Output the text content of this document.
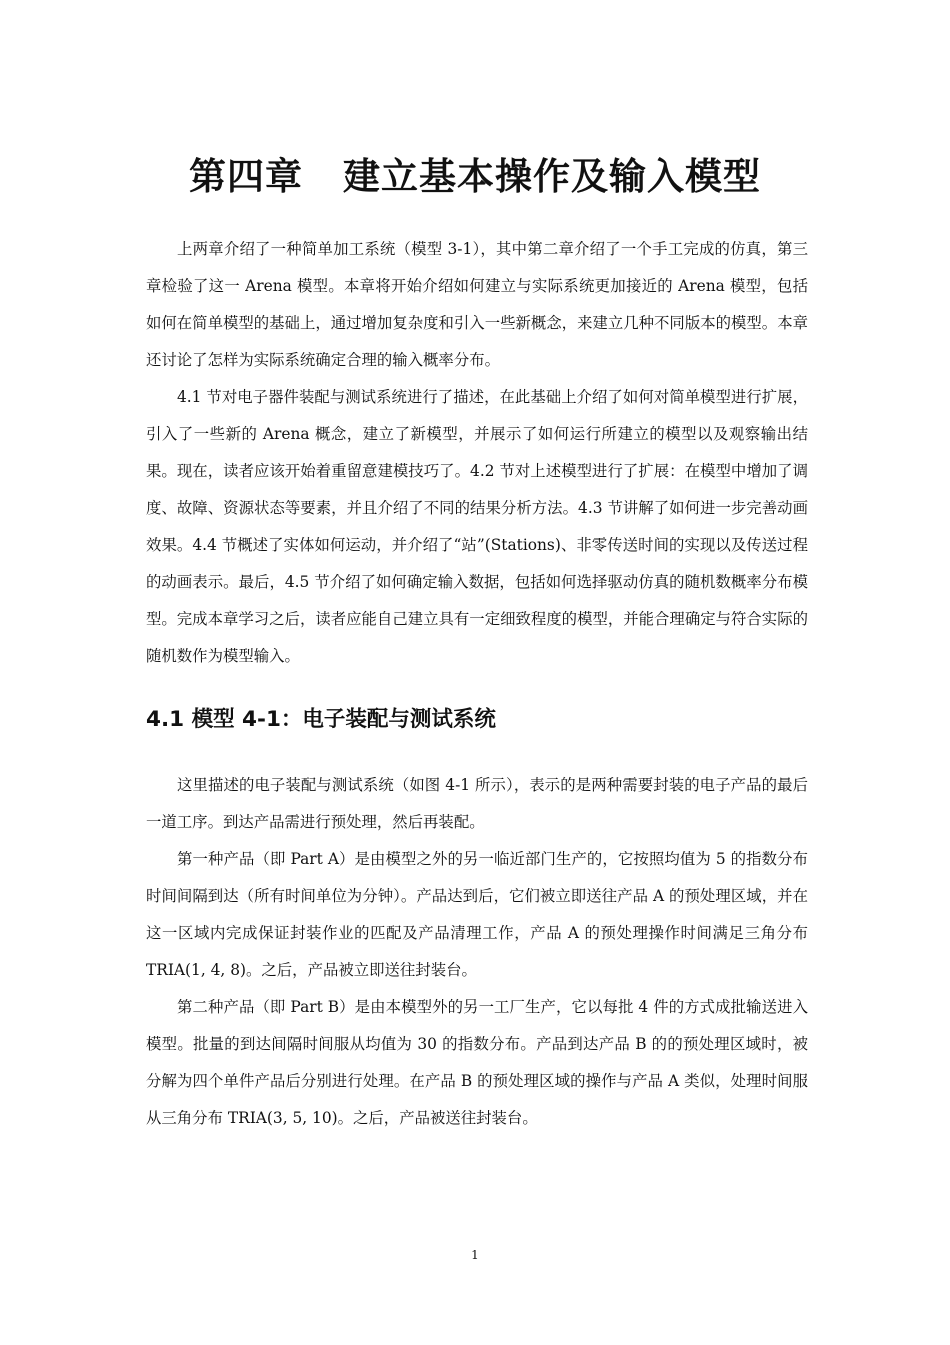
第四章 建立基本操作及输入模型

上两章介绍了一种简单加工系统（模型 3-1），其中第二章介绍了一个手工完成的仿真，第三章检验了这一 Arena 模型。本章将开始介绍如何建立与实际系统更加接近的 Arena 模型，包括如何在简单模型的基础上，通过增加复杂度和引入一些新概念，来建立几种不同版本的模型。本章还讨论了怎样为实际系统确定合理的输入概率分布。

4.1 节对电子器件装配与测试系统进行了描述，在此基础上介绍了如何对简单模型进行扩展，引入了一些新的 Arena 概念，建立了新模型，并展示了如何运行所建立的模型以及观察输出结果。现在，读者应该开始着重留意建模技巧了。4.2 节对上述模型进行了扩展：在模型中增加了调度、故障、资源状态等要素，并且介绍了不同的结果分析方法。4.3 节讲解了如何进一步完善动画效果。4.4 节概述了实体如何运动，并介绍了“站”(Stations)、非零传送时间的实现以及传送过程的动画表示。最后，4.5 节介绍了如何确定输入数据，包括如何选择驱动仿真的随机数概率分布模型。完成本章学习之后，读者应能自己建立具有一定细致程度的模型，并能合理确定与符合实际的随机数作为模型输入。

4.1 模型 4-1：电子装配与测试系统

这里描述的电子装配与测试系统（如图 4-1 所示），表示的是两种需要封装的电子产品的最后一道工序。到达产品需进行预处理，然后再装配。

第一种产品（即 Part A）是由模型之外的另一临近部门生产的，它按照均值为 5 的指数分布时间间隔到达（所有时间单位为分钟）。产品达到后，它们被立即送往产品 A 的预处理区域，并在这一区域内完成保证封装作业的匹配及产品清理工作，产品 A 的预处理操作时间满足三角分布 TRIA(1, 4, 8)。之后，产品被立即送往封装台。

第二种产品（即 Part B）是由本模型外的另一工厂生产，它以每批 4 件的方式成批输送进入模型。批量的到达间隔时间服从均值为 30 的指数分布。产品到达产品 B 的的预处理区域时，被分解为四个单件产品后分别进行处理。在产品 B 的预处理区域的操作与产品 A 类似，处理时间服从三角分布 TRIA(3, 5, 10)。之后，产品被送往封装台。

1
